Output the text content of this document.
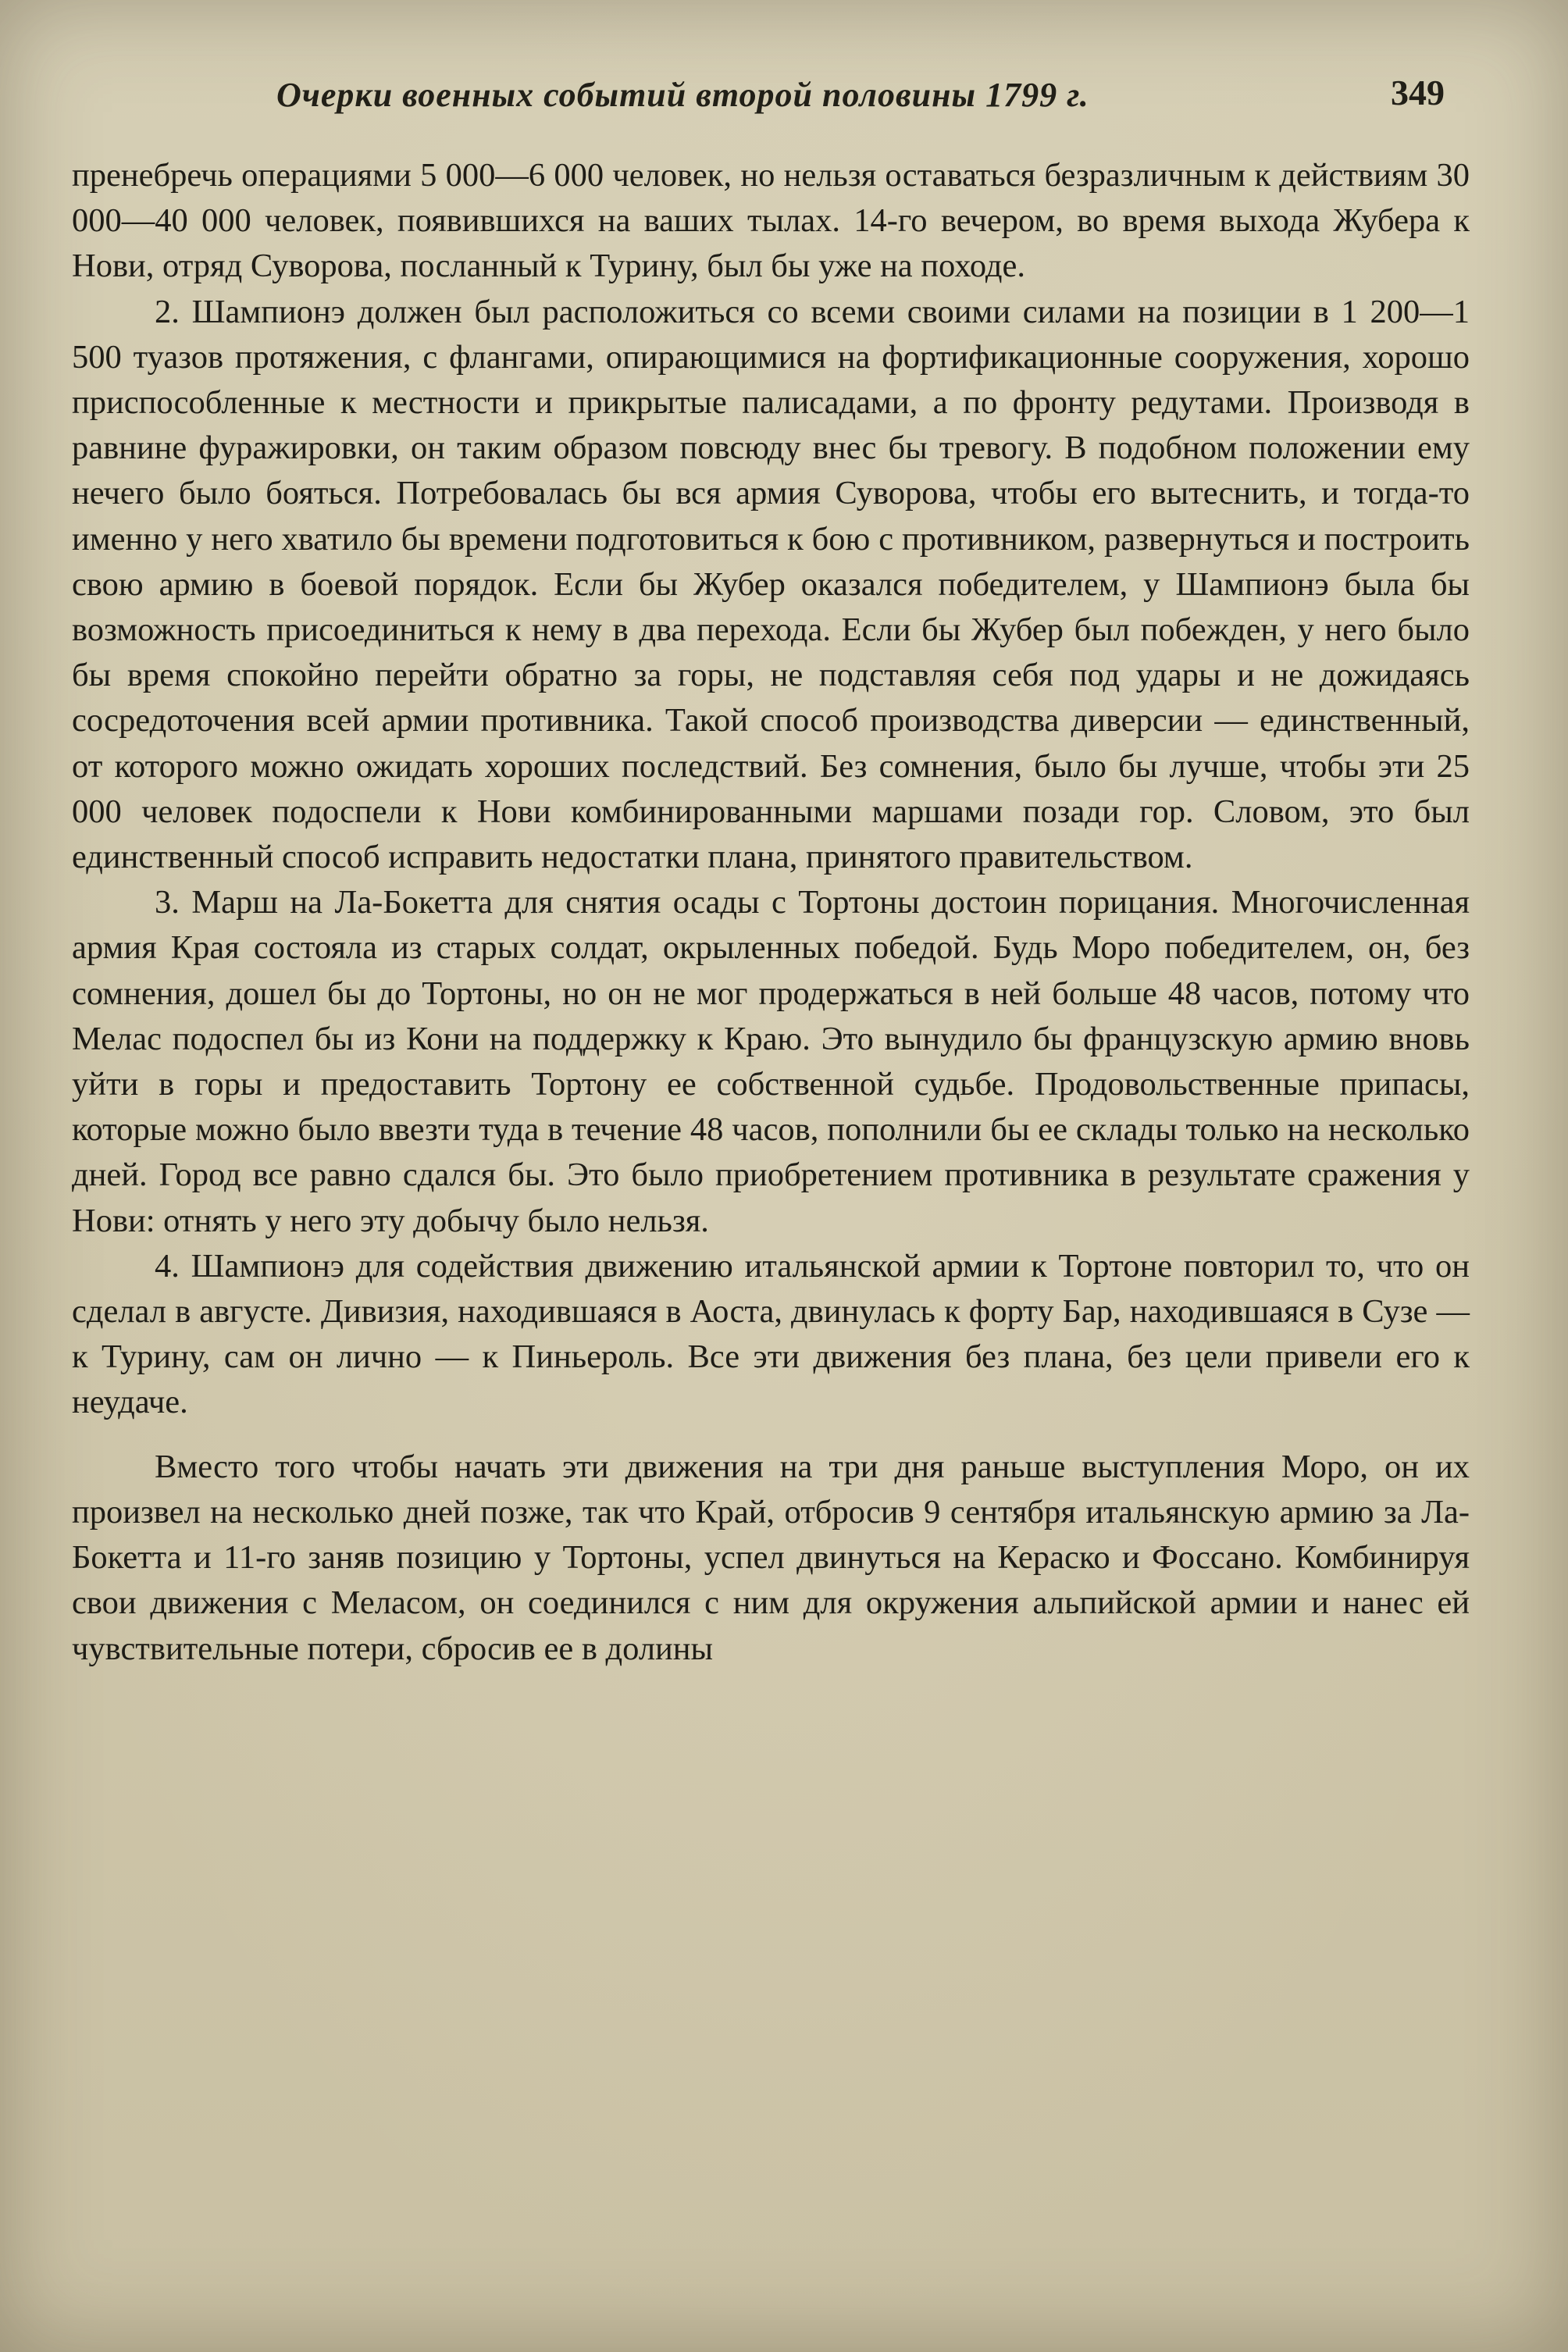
Очерки военных событий второй половины 1799 г.	349

пренебречь операциями 5 000—6 000 человек, но нельзя оставаться безразличным к действиям 30 000—40 000 человек, появившихся на ваших тылах. 14-го вечером, во время выхода Жубера к Нови, отряд Суворова, посланный к Турину, был бы уже на походе.

2. Шампионэ должен был расположиться со всеми своими силами на позиции в 1 200—1 500 туазов протяжения, с флангами, опирающимися на фортификационные сооружения, хорошо приспособленные к местности и прикрытые палисадами, а по фронту редутами. Производя в равнине фуражировки, он таким образом повсюду внес бы тревогу. В подобном положении ему нечего было бояться. Потребовалась бы вся армия Суворова, чтобы его вытеснить, и тогда-то именно у него хватило бы времени подготовиться к бою с противником, развернуться и построить свою армию в боевой порядок. Если бы Жубер оказался победителем, у Шампионэ была бы возможность присоединиться к нему в два перехода. Если бы Жубер был побежден, у него было бы время спокойно перейти обратно за горы, не подставляя себя под удары и не дожидаясь сосредоточения всей армии противника. Такой способ производства диверсии — единственный, от которого можно ожидать хороших последствий. Без сомнения, было бы лучше, чтобы эти 25 000 человек подоспели к Нови комбинированными маршами позади гор. Словом, это был единственный способ исправить недостатки плана, принятого правительством.

3. Марш на Ла-Бокетта для снятия осады с Тортоны достоин порицания. Многочисленная армия Края состояла из старых солдат, окрыленных победой. Будь Моро победителем, он, без сомнения, дошел бы до Тортоны, но он не мог продержаться в ней больше 48 часов, потому что Мелас подоспел бы из Кони на поддержку к Краю. Это вынудило бы французскую армию вновь уйти в горы и предоставить Тортону ее собственной судьбе. Продовольственные припасы, которые можно было ввезти туда в течение 48 часов, пополнили бы ее склады только на несколько дней. Город все равно сдался бы. Это было приобретением противника в результате сражения у Нови: отнять у него эту добычу было нельзя.

4. Шампионэ для содействия движению итальянской армии к Тортоне повторил то, что он сделал в августе. Дивизия, находившаяся в Аоста, двинулась к форту Бар, находившаяся в Сузе — к Турину, сам он лично — к Пиньероль. Все эти движения без плана, без цели привели его к неудаче.

Вместо того чтобы начать эти движения на три дня раньше выступления Моро, он их произвел на несколько дней позже, так что Край, отбросив 9 сентября итальянскую армию за Ла-Бокетта и 11-го заняв позицию у Тортоны, успел двинуться на Кераско и Фоссано. Комбинируя свои движения с Меласом, он соединился с ним для окружения альпийской армии и нанес ей чувствительные потери, сбросив ее в долины
